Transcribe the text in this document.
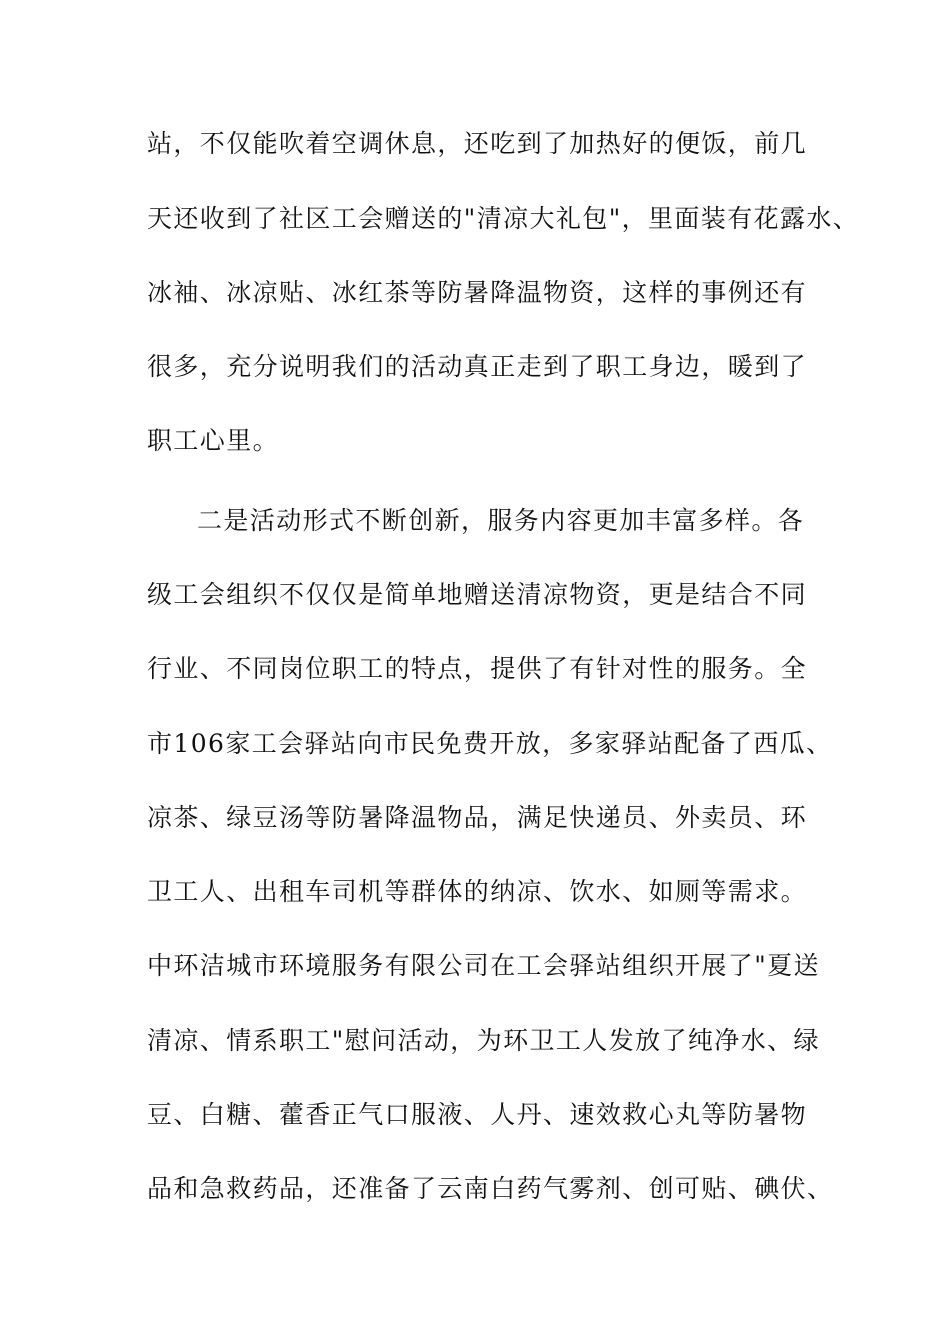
站，不仅能吹着空调休息，还吃到了加热好的便饭，前几
天还收到了社区工会赠送的"清凉大礼包"，里面装有花露水、
冰袖、冰凉贴、冰红茶等防暑降温物资，这样的事例还有
很多，充分说明我们的活动真正走到了职工身边，暖到了
职工心里。
二是活动形式不断创新，服务内容更加丰富多样。各
级工会组织不仅仅是简单地赠送清凉物资，更是结合不同
行业、不同岗位职工的特点，提供了有针对性的服务。全
市106家工会驿站向市民免费开放，多家驿站配备了西瓜、
凉茶、绿豆汤等防暑降温物品，满足快递员、外卖员、环
卫工人、出租车司机等群体的纳凉、饮水、如厕等需求。
中环洁城市环境服务有限公司在工会驿站组织开展了"夏送
清凉、情系职工"慰问活动，为环卫工人发放了纯净水、绿
豆、白糖、藿香正气口服液、人丹、速效救心丸等防暑物
品和急救药品，还准备了云南白药气雾剂、创可贴、碘伏、
